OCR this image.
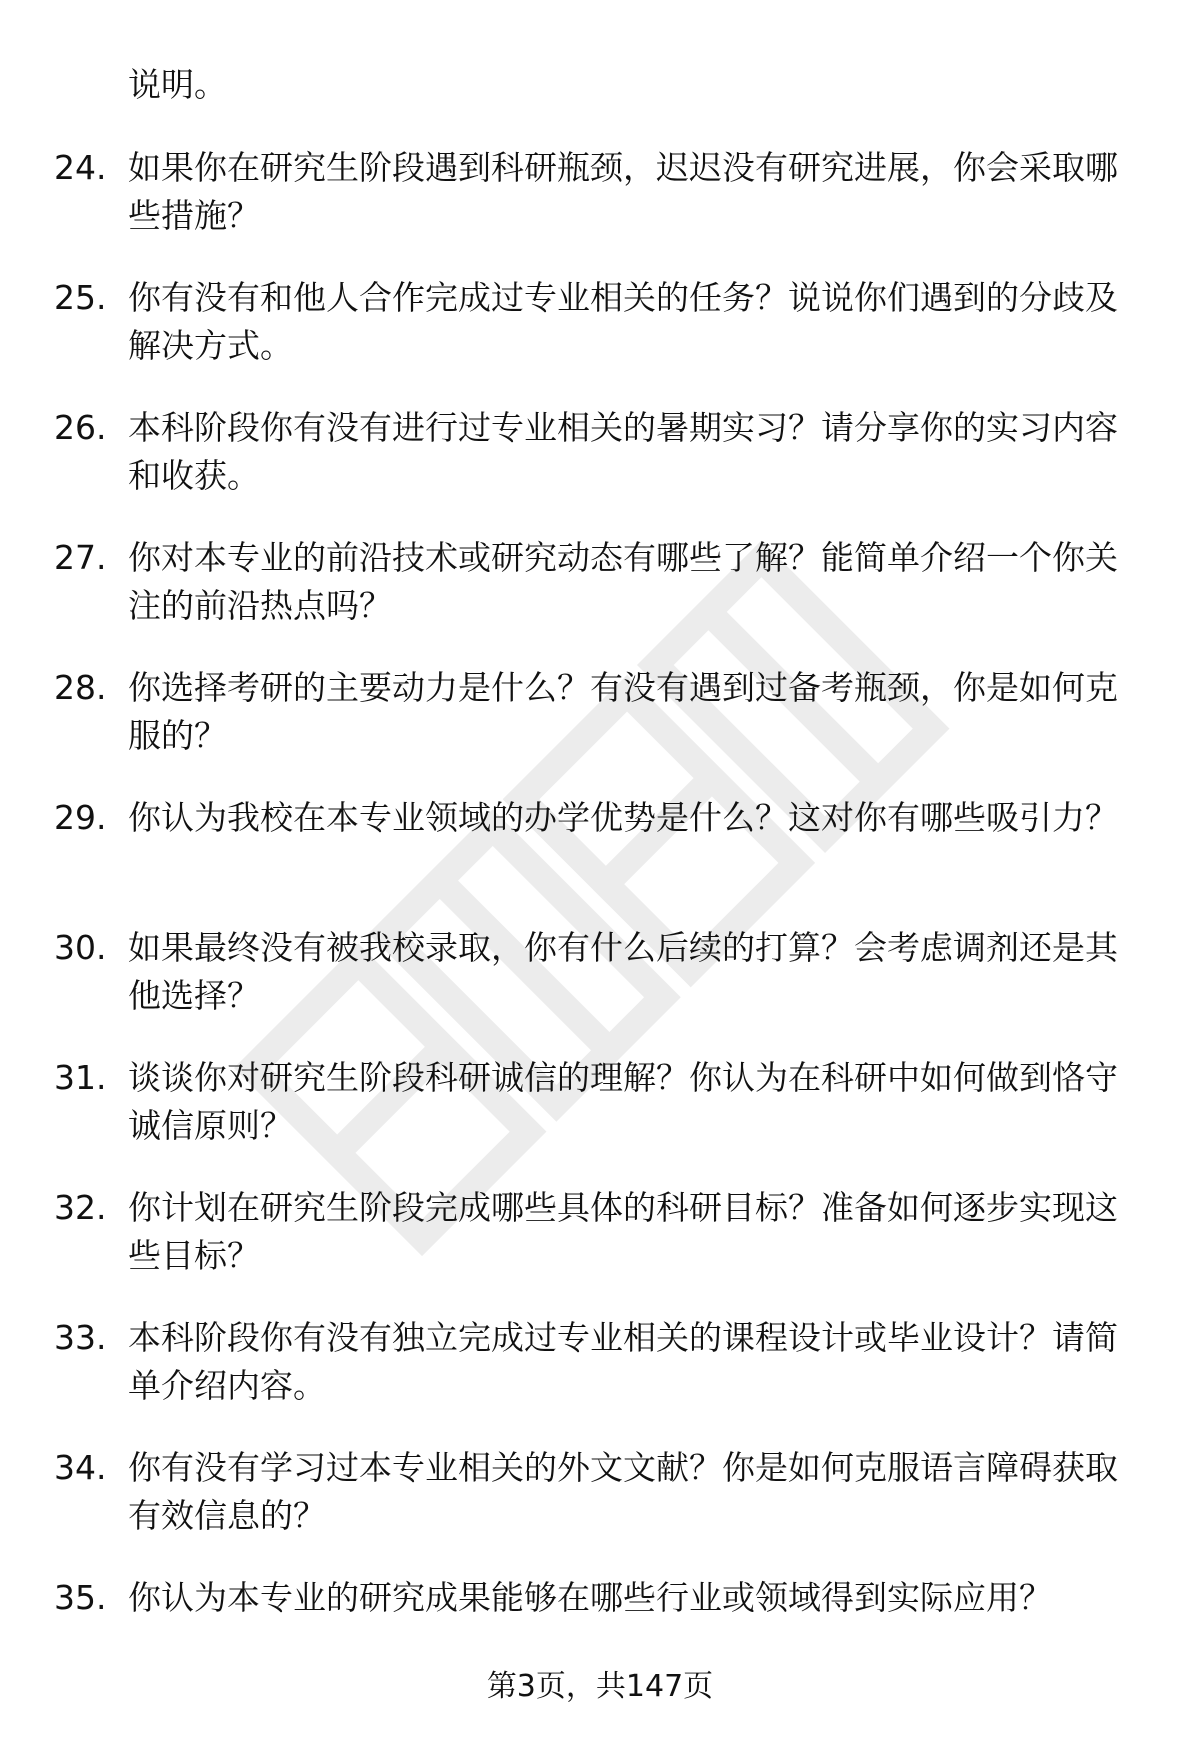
说明。

24. 如果你在研究生阶段遇到科研瓶颈，迟迟没有研究进展，你会采取哪些措施？

25. 你有没有和他人合作完成过专业相关的任务？说说你们遇到的分歧及解决方式。

26. 本科阶段你有没有进行过专业相关的暑期实习？请分享你的实习内容和收获。

27. 你对本专业的前沿技术或研究动态有哪些了解？能简单介绍一个你关注的前沿热点吗？

28. 你选择考研的主要动力是什么？有没有遇到过备考瓶颈，你是如何克服的？

29. 你认为我校在本专业领域的办学优势是什么？这对你有哪些吸引力？

30. 如果最终没有被我校录取，你有什么后续的打算？会考虑调剂还是其他选择？

31. 谈谈你对研究生阶段科研诚信的理解？你认为在科研中如何做到恪守诚信原则？

32. 你计划在研究生阶段完成哪些具体的科研目标？准备如何逐步实现这些目标？

33. 本科阶段你有没有独立完成过专业相关的课程设计或毕业设计？请简单介绍内容。

34. 你有没有学习过本专业相关的外文文献？你是如何克服语言障碍获取有效信息的？

35. 你认为本专业的研究成果能够在哪些行业或领域得到实际应用？

第3页，共147页
